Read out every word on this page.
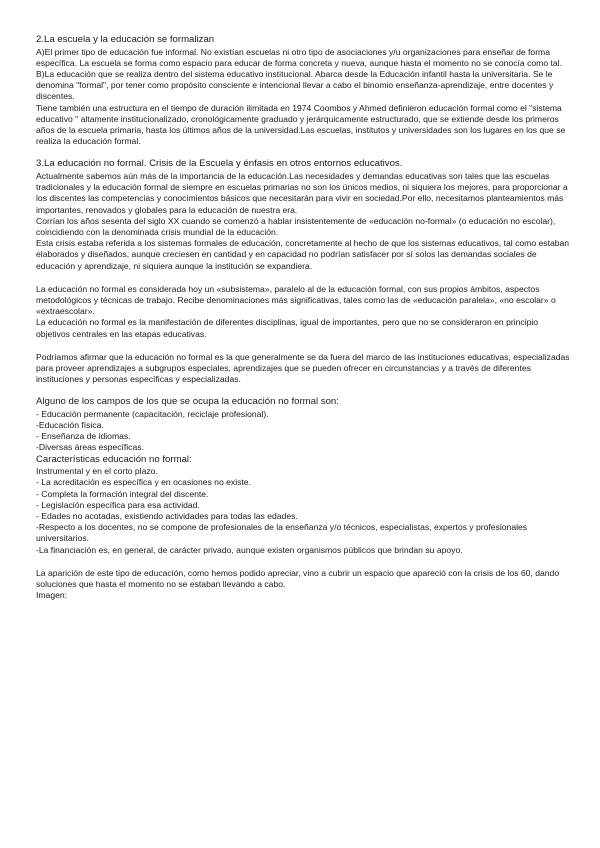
2.La escuela y la educación se formalizan

A)El primer tipo de educación fue informal. No existían escuelas ni otro tipo de asociaciones y/u organizaciones para enseñar de forma específica. La escuela se forma como espacio para educar de forma concreta y nueva, aunque hasta el momento no se conocía como tal.

B)La educación que se realiza dentro del sistema educativo institucional. Abarca desde la Educación infantil hasta la universitaria. Se le denomina "formal", por tener como propósito consciente e intencional llevar a cabo el binomio enseñanza-aprendizaje, entre docentes y discentes.

Tiene también una estructura en el tiempo de duración ilimitada en 1974 Coombos y Ahmed definieron educación formal como el "sistema educativo " altamente institucionalizado, cronológicamente graduado y jerárquicamente estructurado, que se extiende desde los primeros años de la escuela primaria, hasta los últimos años de la universidad.Las escuelas, institutos y universidades son los lugares en los que se realiza la educación formal.

3.La educación no formal. Crisis de la Escuela y énfasis en otros entornos educativos.

Actualmente sabemos aún más de la importancia de la educación.Las necesidades y demandas educativas son tales que las escuelas tradicionales y la educación formal de siempre en escuelas primarias no son los únicos medios, ni siquiera los mejores, para proporcionar a los discentes las competencias y conocimientos básicos que necesitarán para vivir en sociedad.Por ello, necesitamos planteamientos más importantes, renovados y globales para la educación de nuestra era.

Corrían los años sesenta del siglo XX cuando se comenzó a hablar insistentemente de «educación no-formal» (o educación no escolar), coincidiendo con la denominada crisis mundial de la educación.

Esta crisis estaba referida a los sistemas formales de educación, concretamente al hecho de que los sistemas educativos, tal como estaban elaborados y diseñados, aunque creciesen en cantidad y en capacidad no podrían satisfacer por sí solos las demandas sociales de educación y aprendizaje, ni siquiera aunque la institución se expandiera.

La educación no formal es considerada hoy un «subsistema», paralelo al de la educación formal, con sus propios ámbitos, aspectos metodológicos y técnicas de trabajo. Recibe denominaciones más significativas, tales como las de «educación paralela», «no escolar» o «extraescolar».

La educación no formal es la manifestación de diferentes disciplinas, igual de importantes, pero que no se consideraron en principio objetivos centrales en las etapas educativas.

Podríamos afirmar que la educación no formal es la que generalmente se da fuera del marco de las instituciones educativas, especializadas para proveer aprendizajes a subgrupos especiales, aprendizajes que se pueden ofrecer en circunstancias y a través de diferentes instituciones y personas específicas y especializadas.

Alguno de los campos de los que se ocupa la educación no formal son:

- Educación permanente (capacitación, reciclaje profesional).
-Educación física.
- Enseñanza de idiomas.
-Diversas áreas específicas.

Características educación no formal:

Instrumental y en el corto plazo.
- La acreditación es específica y en ocasiones no existe.
- Completa la formación integral del discente.
- Legislación específica para esa actividad.
- Edades no acotadas, existiendo actividades para todas las edades.
-Respecto a los docentes, no se compone de profesionales de la enseñanza y/o técnicos, especialistas, expertos y profesionales universitarios.
-La financiación es, en general, de carácter privado, aunque existen organismos públicos que brindan su apoyo.

La aparición de este tipo de educación, como hemos podido apreciar, vino a cubrir un espacio que apareció con la crisis de los 60, dando soluciones que hasta el momento no se estaban llevando a cabo.

Imagen:
